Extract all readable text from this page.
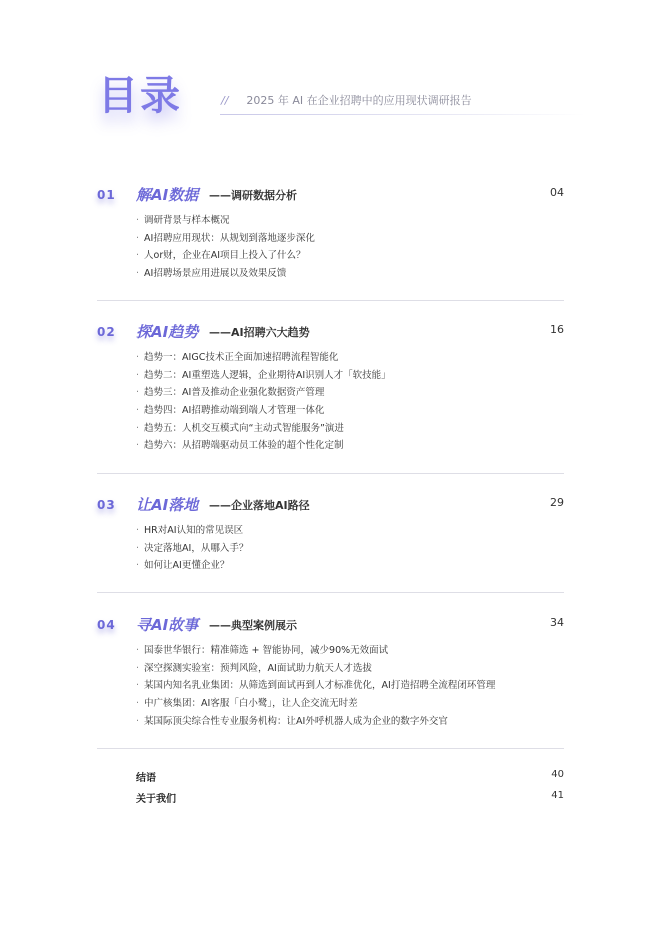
目录	// 2025 年 AI 在企业招聘中的应用现状调研报告
01 解AI数据 ——调研数据分析	04
· 调研背景与样本概况
· AI招聘应用现状：从规划到落地逐步深化
· 人or财，企业在AI项目上投入了什么？
· AI招聘场景应用进展以及效果反馈
02 探AI趋势 ——AI招聘六大趋势	16
· 趋势一：AIGC技术正全面加速招聘流程智能化
· 趋势二：AI重塑选人逻辑，企业期待AI识别人才「软技能」
· 趋势三：AI普及推动企业强化数据资产管理
· 趋势四：AI招聘推动端到端人才管理一体化
· 趋势五：人机交互模式向“主动式智能服务”演进
· 趋势六：从招聘端驱动员工体验的超个性化定制
03 让AI落地 ——企业落地AI路径	29
· HR对AI认知的常见误区
· 决定落地AI，从哪入手？
· 如何让AI更懂企业？
04 寻AI故事 ——典型案例展示	34
· 国泰世华银行：精准筛选 + 智能协同，减少90%无效面试
· 深空探测实验室：预判风险，AI面试助力航天人才选拔
· 某国内知名乳业集团：从筛选到面试再到人才标准优化，AI打造招聘全流程闭环管理
· 中广核集团：AI客服「白小鹭」，让人企交流无时差
· 某国际顶尖综合性专业服务机构：让AI外呼机器人成为企业的数字外交官
结语	40
关于我们	41
